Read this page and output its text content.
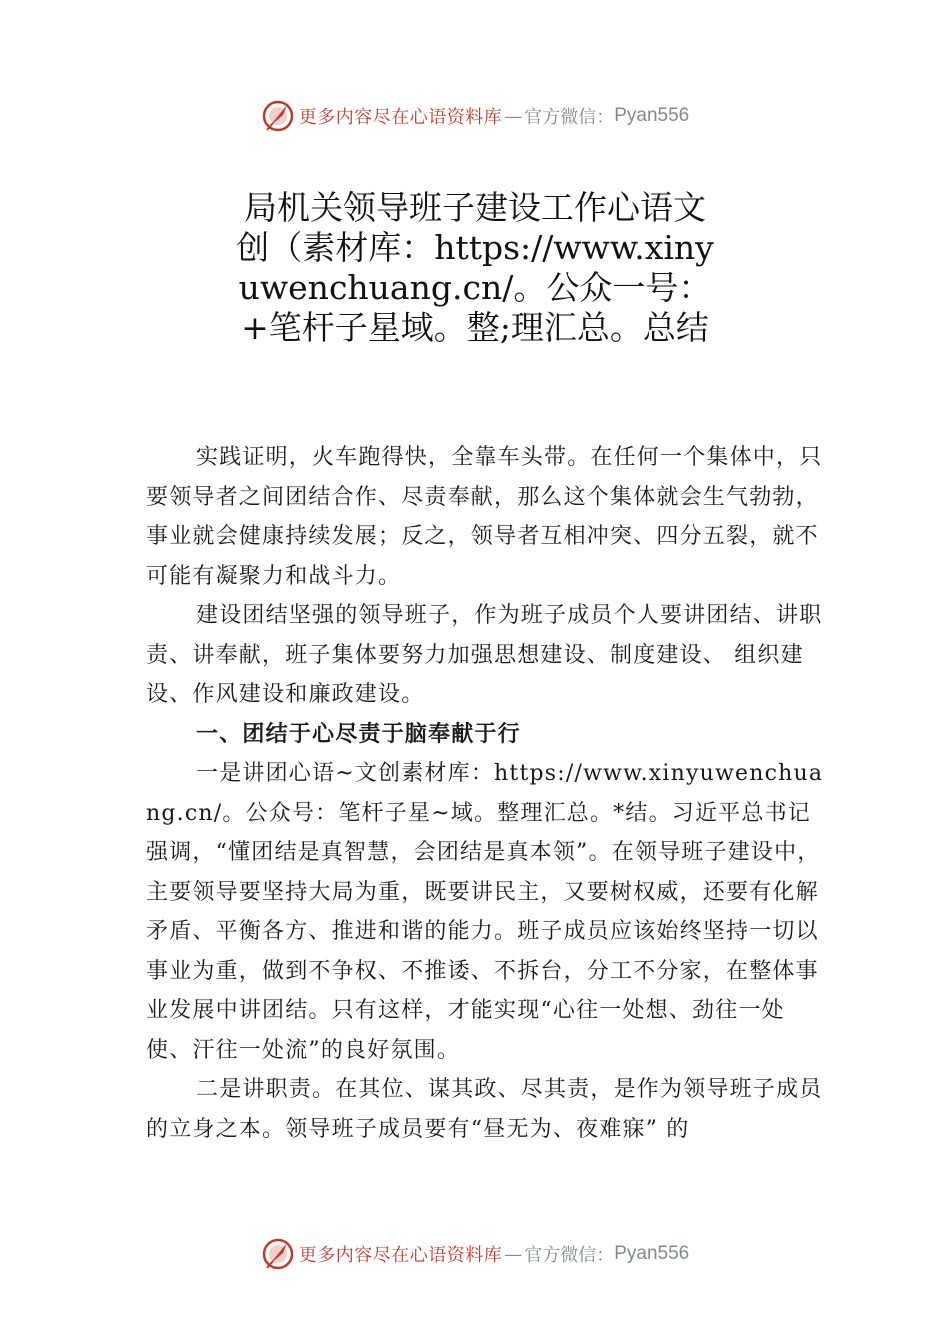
更多内容尽在心语资料库 — 官方微信： Pyan556
局机关领导班子建设工作心语文创（素材库：https://www.xinyuwenchuang.cn/。公众一号：+笔杆子星域。整;理汇总。总结

实践证明，火车跑得快，全靠车头带。在任何一个集体中，只要领导者之间团结合作、尽责奉献，那么这个集体就会生气勃勃，事业就会健康持续发展；反之，领导者互相冲突、四分五裂，就不可能有凝聚力和战斗力。

建设团结坚强的领导班子，作为班子成员个人要讲团结、讲职责、讲奉献，班子集体要努力加强思想建设、制度建设、 组织建设、作风建设和廉政建设。

一、团结于心尽责于脑奉献于行

一是讲团心语~文创素材库：https://www.xinyuwenchuang.cn/。公众号：笔杆子星~域。整理汇总。*结。习近平总书记强调，“懂团结是真智慧，会团结是真本领”。在领导班子建设中，主要领导要坚持大局为重，既要讲民主，又要树权威，还要有化解矛盾、平衡各方、推进和谐的能力。班子成员应该始终坚持一切以事业为重，做到不争权、不推诿、不拆台，分工不分家，在整体事业发展中讲团结。只有这样，才能实现“心往一处想、劲往一处使、汗往一处流”的良好氛围。

二是讲职责。在其位、谋其政、尽其责，是作为领导班子成员的立身之本。领导班子成员要有“昼无为、夜难寐” 的

更多内容尽在心语资料库 — 官方微信： Pyan556
